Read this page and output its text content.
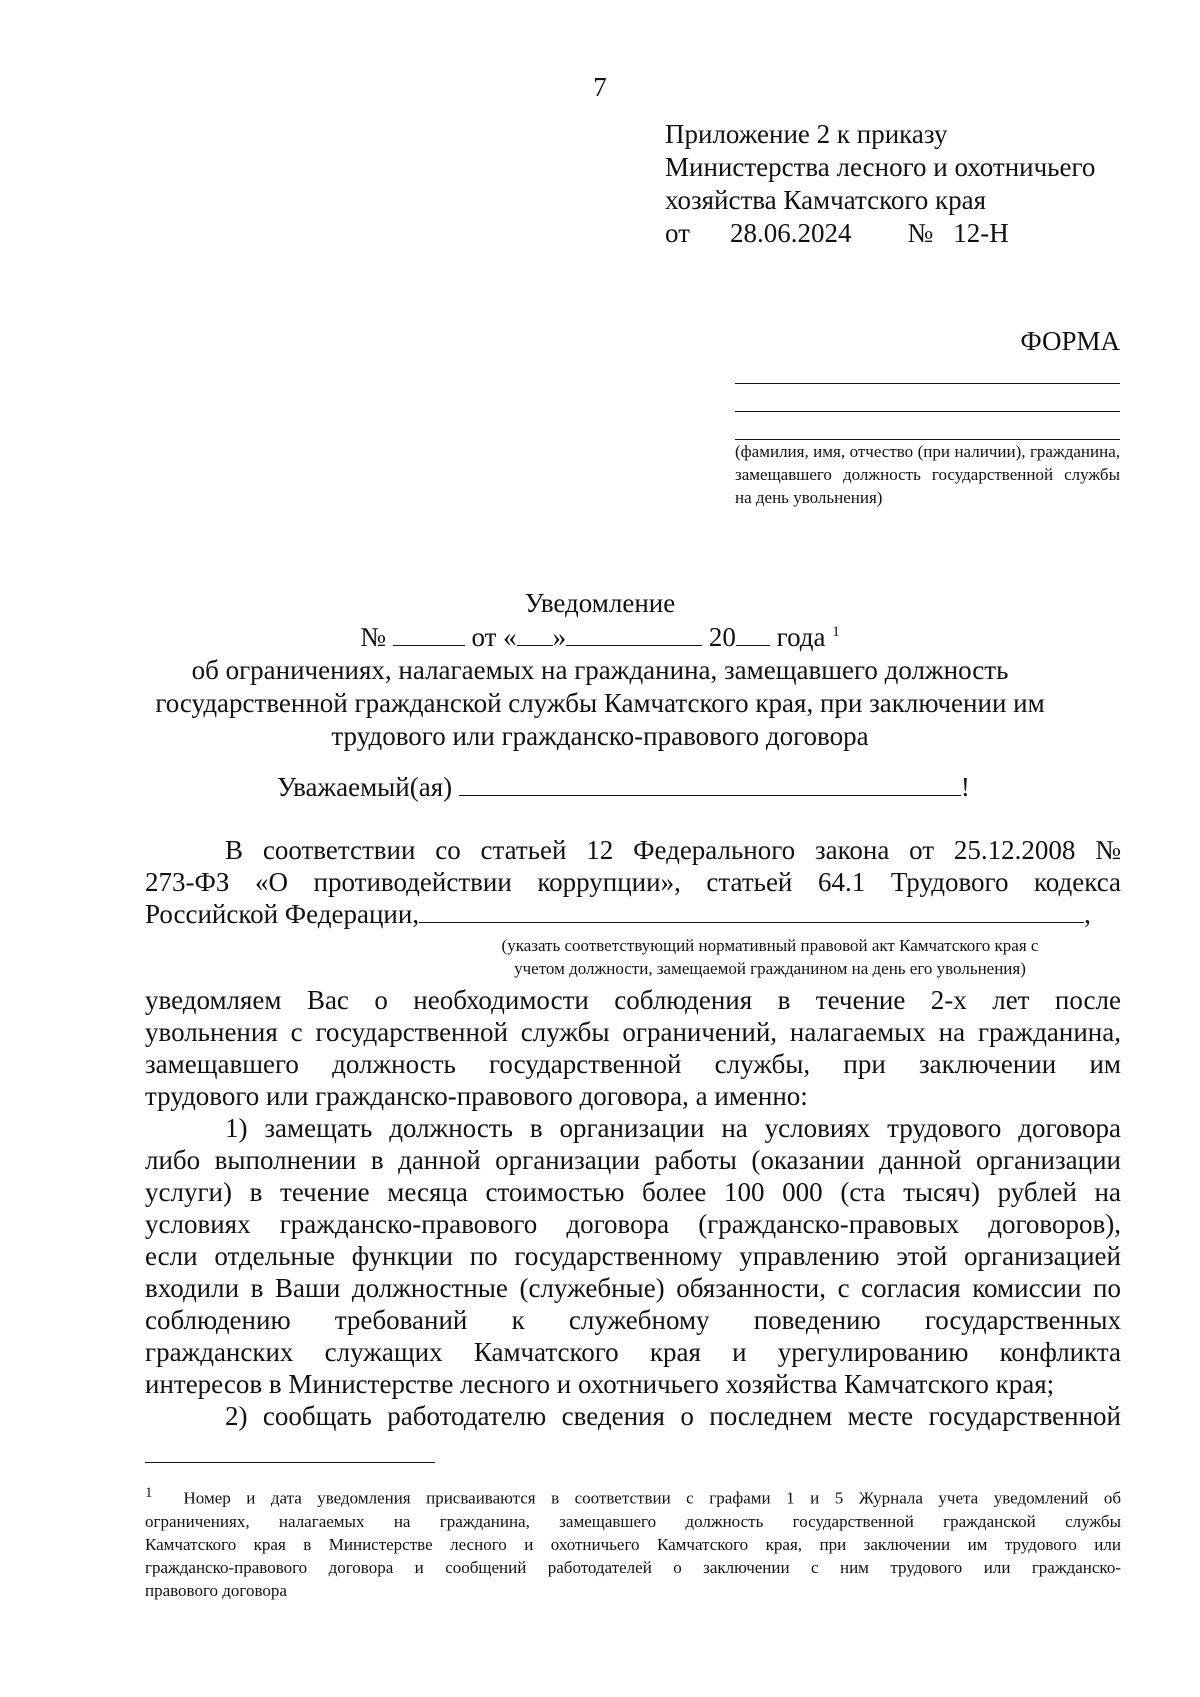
7
Приложение 2 к приказу
Министерства лесного и охотничьего
хозяйства Камчатского края
от 28.06.2024 № 12-Н
ФОРМА
(фамилия, имя, отчество (при наличии), гражданина, замещавшего должность государственной службы на день увольнения)
Уведомление
№	от « »	20 года $^1$
об ограничениях, налагаемых на гражданина, замещавшего должность
государственной гражданской службы Камчатского края, при заключении им
трудового или гражданско-правового договора
Уважаемый(ая)	!
В соответствии со статьей 12 Федерального закона от 25.12.2008 №
273-ФЗ «О противодействии коррупции», статьей 64.1 Трудового кодекса
Российской Федерации,	,
(указать соответствующий нормативный правовой акт Камчатского края с
учетом должности, замещаемой гражданином на день его увольнения)
уведомляем Вас о необходимости соблюдения в течение 2-х лет после
увольнения с государственной службы ограничений, налагаемых на гражданина,
замещавшего должность государственной службы, при заключении им
трудового или гражданско-правового договора, а именно:
1) замещать должность в организации на условиях трудового договора
либо выполнении в данной организации работы (оказании данной организации
услуги) в течение месяца стоимостью более 100 000 (ста тысяч) рублей на
условиях гражданско-правового договора (гражданско-правовых договоров),
если отдельные функции по государственному управлению этой организацией
входили в Ваши должностные (служебные) обязанности, с согласия комиссии по
соблюдению требований к служебному поведению государственных
гражданских служащих Камчатского края и урегулированию конфликта
интересов в Министерстве лесного и охотничьего хозяйства Камчатского края;
2) сообщать работодателю сведения о последнем месте государственной
$^1$ Номер и дата уведомления присваиваются в соответствии с графами 1 и 5 Журнала учета уведомлений об
ограничениях, налагаемых на гражданина, замещавшего должность государственной гражданской службы
Камчатского края в Министерстве лесного и охотничьего Камчатского края, при заключении им трудового или
гражданско-правового договора и сообщений работодателей о заключении с ним трудового или гражданско-
правового договора
